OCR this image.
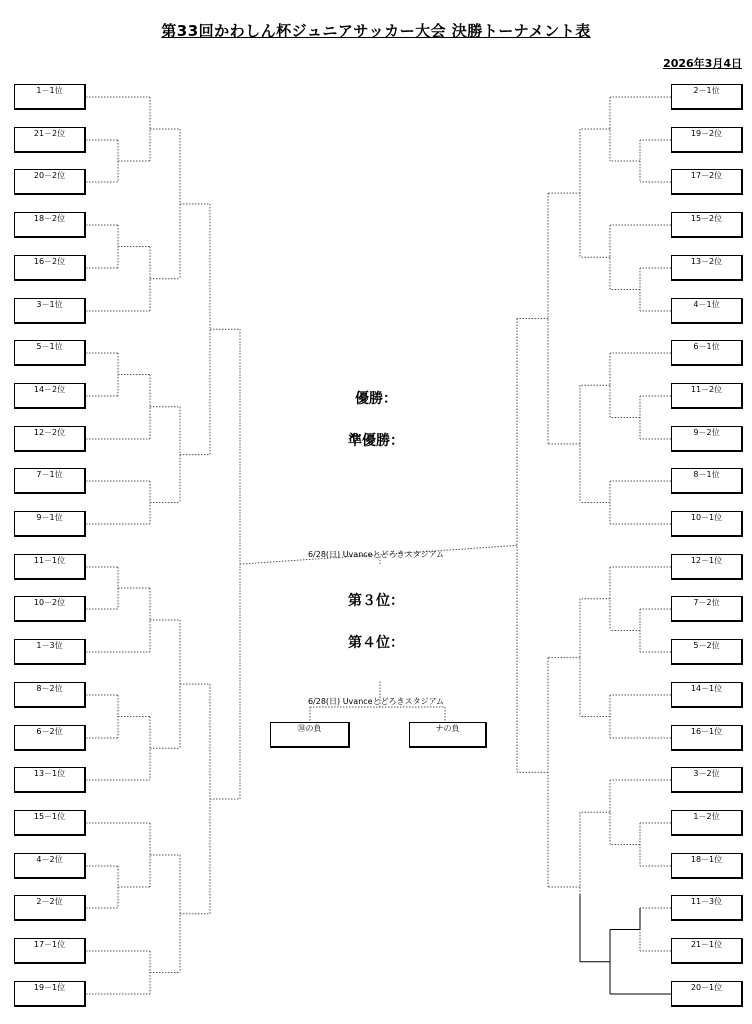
第33回かわしん杯ジュニアサッカー大会 決勝トーナメント表
2026年3月4日
1－1位
21－2位
20－2位
18－2位
16－2位
3－1位
5－1位
14－2位
12－2位
7－1位
9－1位
11－1位
10－2位
1－3位
8－2位
6－2位
13－1位
15－1位
4－2位
2－2位
17－1位
19－1位
2－1位
19－2位
17－2位
15－2位
13－2位
4－1位
6－1位
11－2位
9－2位
8－1位
10－1位
12－1位
7－2位
5－2位
14－1位
16－1位
3－2位
1－2位
18－1位
11－3位
21－1位
20－1位
優勝：
準優勝：
6/28(日) Uvanceとどろきスタジアム
第３位：
第４位：
6/28(日) Uvanceとどろきスタジアム
㉚の負	ナの負
